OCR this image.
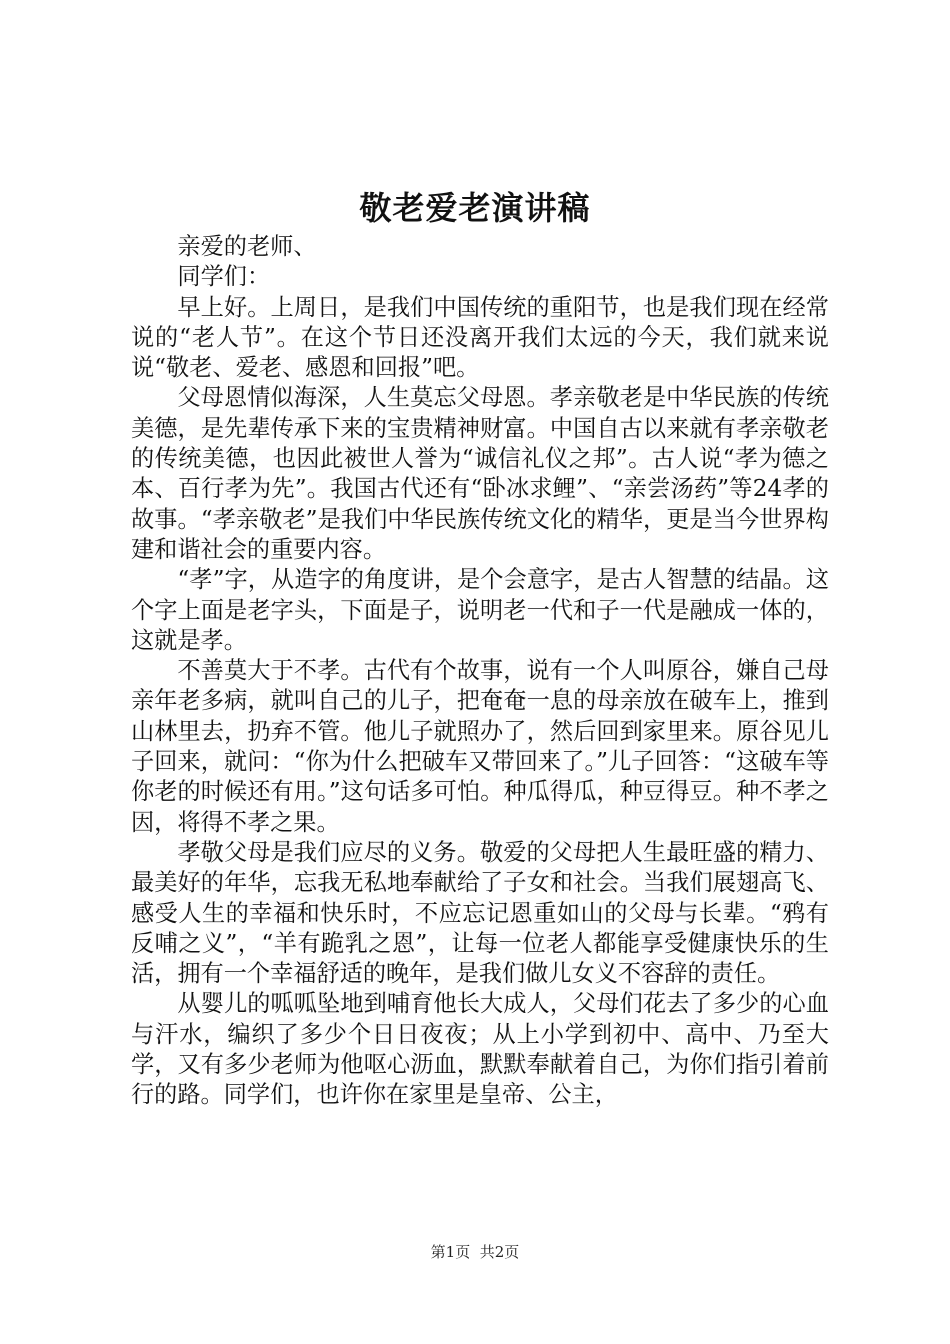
敬老爱老演讲稿

亲爱的老师、

同学们：

早上好。上周日，是我们中国传统的重阳节，也是我们现在经常说的“老人节”。在这个节日还没离开我们太远的今天，我们就来说说“敬老、爱老、感恩和回报”吧。

父母恩情似海深，人生莫忘父母恩。孝亲敬老是中华民族的传统美德，是先辈传承下来的宝贵精神财富。中国自古以来就有孝亲敬老的传统美德，也因此被世人誉为“诚信礼仪之邦”。古人说“孝为德之本、百行孝为先”。我国古代还有“卧冰求鲤”、“亲尝汤药”等24孝的故事。“孝亲敬老”是我们中华民族传统文化的精华，更是当今世界构建和谐社会的重要内容。

“孝”字，从造字的角度讲，是个会意字，是古人智慧的结晶。这个字上面是老字头，下面是子，说明老一代和子一代是融成一体的，这就是孝。

不善莫大于不孝。古代有个故事，说有一个人叫原谷，嫌自己母亲年老多病，就叫自己的儿子，把奄奄一息的母亲放在破车上，推到山林里去，扔弃不管。他儿子就照办了，然后回到家里来。原谷见儿子回来，就问：“你为什么把破车又带回来了。”儿子回答：“这破车等你老的时候还有用。”这句话多可怕。种瓜得瓜，种豆得豆。种不孝之因，将得不孝之果。

孝敬父母是我们应尽的义务。敬爱的父母把人生最旺盛的精力、最美好的年华，忘我无私地奉献给了子女和社会。当我们展翅高飞、感受人生的幸福和快乐时，不应忘记恩重如山的父母与长辈。“鸦有反哺之义”，“羊有跪乳之恩”，让每一位老人都能享受健康快乐的生活，拥有一个幸福舒适的晚年，是我们做儿女义不容辞的责任。

从婴儿的呱呱坠地到哺育他长大成人，父母们花去了多少的心血与汗水，编织了多少个日日夜夜；从上小学到初中、高中、乃至大学，又有多少老师为他呕心沥血，默默奉献着自己，为你们指引着前行的路。同学们，也许你在家里是皇帝、公主，

第1页 共2页
